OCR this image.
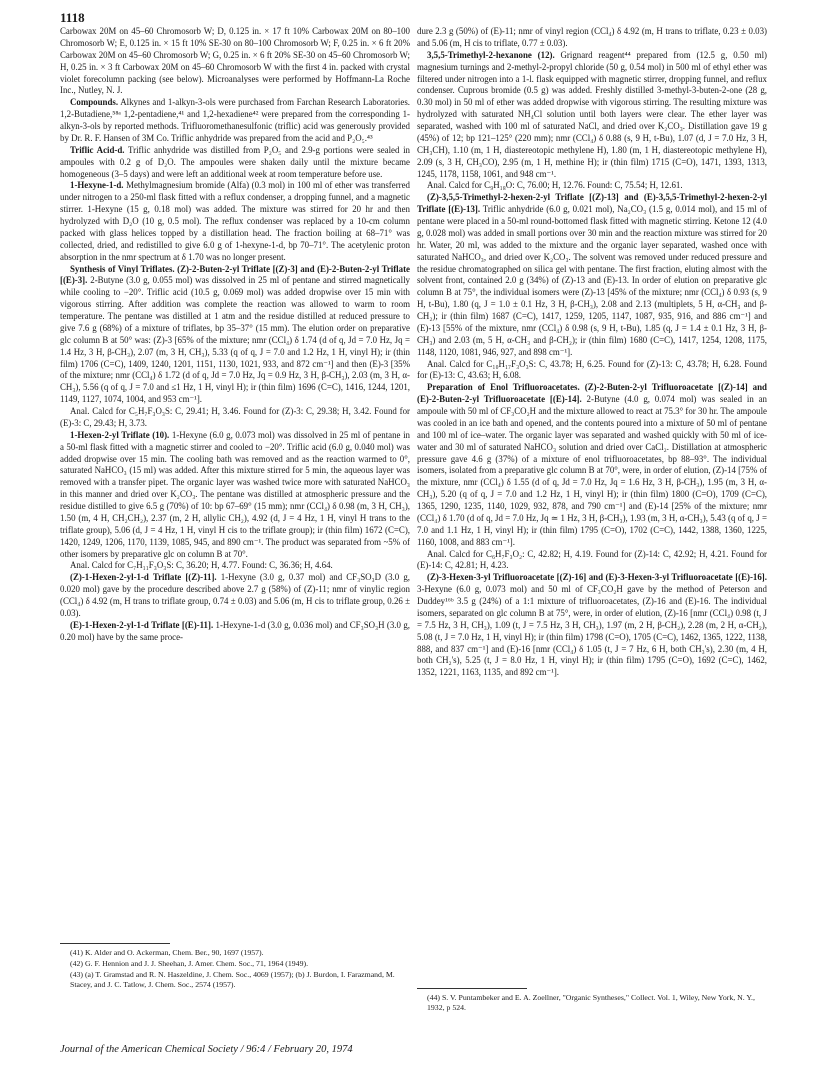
1118

Carbowax 20M on 45–60 Chromosorb W; D, 0.125 in. × 17 ft 10% Carbowax 20M on 80–100 Chromosorb W; E, 0.125 in. × 15 ft 10% SE-30 on 80–100 Chromosorb W; F, 0.25 in. × 6 ft 20% Carbowax 20M on 45–60 Chromosorb W; G, 0.25 in. × 6 ft 20% SE-30 on 45–60 Chromosorb W; H, 0.25 in. × 3 ft Carbowax 20M on 45–60 Chromosorb W with the first 4 in. packed with crystal violet forecolumn packing (see below). Microanalyses were performed by Hoffmann-La Roche Inc., Nutley, N. J.

Compounds. Alkynes and 1-alkyn-3-ols were purchased from Farchan Research Laboratories. 1,2-Butadiene,⁵⁸ᵃ 1,2-pentadiene,⁴¹ and 1,2-hexadiene⁴² were prepared from the corresponding 1-alkyn-3-ols by reported methods. Trifluoromethanesulfonic (triflic) acid was generously provided by Dr. R. F. Hansen of 3M Co. Triflic anhydride was prepared from the acid and P₂O₅.⁴³

Triflic Acid-d. Triflic anhydride was distilled from P₂O₅ and 2.9-g portions were sealed in ampoules with 0.2 g of D₂O. The ampoules were shaken daily until the mixture became homogeneous (3–5 days) and were left an additional week at room temperature before use.

1-Hexyne-1-d. Methylmagnesium bromide (Alfa) (0.3 mol) in 100 ml of ether was transferred under nitrogen to a 250-ml flask fitted with a reflux condenser, a dropping funnel, and a magnetic stirrer. 1-Hexyne (15 g, 0.18 mol) was added. The mixture was stirred for 20 hr and then hydrolyzed with D₂O (10 g, 0.5 mol). The reflux condenser was replaced by a 10-cm column packed with glass helices topped by a distillation head. The fraction boiling at 68–71° was collected, dried, and redistilled to give 6.0 g of 1-hexyne-1-d, bp 70–71°. The acetylenic proton absorption in the nmr spectrum at δ 1.70 was no longer present.

Synthesis of Vinyl Triflates. (Z)-2-Buten-2-yl Triflate [(Z)-3] and (E)-2-Buten-2-yl Triflate [(E)-3]. 2-Butyne (3.0 g, 0.055 mol) was dissolved in 25 ml of pentane and stirred magnetically while cooling to −20°. Triflic acid (10.5 g, 0.069 mol) was added dropwise over 15 min with vigorous stirring. After addition was complete the reaction was allowed to warm to room temperature. The pentane was distilled at 1 atm and the residue distilled at reduced pressure to give 7.6 g (68%) of a mixture of triflates, bp 35–37° (15 mm). The elution order on preparative glc column B at 50° was: (Z)-3 [65% of the mixture; nmr (CCl₄) δ 1.74 (d of q, Jd = 7.0 Hz, Jq = 1.4 Hz, 3 H, β-CH₃), 2.07 (m, 3 H, CH₃), 5.33 (q of q, J = 7.0 and 1.2 Hz, 1 H, vinyl H); ir (thin film) 1706 (C=C), 1409, 1240, 1201, 1151, 1130, 1021, 933, and 872 cm⁻¹] and then (E)-3 [35% of the mixture; nmr (CCl₄) δ 1.72 (d of q, Jd = 7.0 Hz, Jq = 0.9 Hz, 3 H, β-CH₃), 2.03 (m, 3 H, α-CH₃), 5.56 (q of q, J = 7.0 and ≤1 Hz, 1 H, vinyl H); ir (thin film) 1696 (C=C), 1416, 1244, 1201, 1149, 1127, 1074, 1004, and 953 cm⁻¹].

Anal. Calcd for C₅H₇F₃O₃S: C, 29.41; H, 3.46. Found for (Z)-3: C, 29.38; H, 3.42. Found for (E)-3: C, 29.43; H, 3.73.

1-Hexen-2-yl Triflate (10). 1-Hexyne (6.0 g, 0.073 mol) was dissolved in 25 ml of pentane in a 50-ml flask fitted with a magnetic stirrer and cooled to −20°. Triflic acid (6.0 g, 0.040 mol) was added dropwise over 15 min. The cooling bath was removed and as the reaction warmed to 0°, saturated NaHCO₃ (15 ml) was added. After this mixture stirred for 5 min, the aqueous layer was removed with a transfer pipet. The organic layer was washed twice more with saturated NaHCO₃ in this manner and dried over K₂CO₃. The pentane was distilled at atmospheric pressure and the residue distilled to give 6.5 g (70%) of 10: bp 67–69° (15 mm); nmr (CCl₄) δ 0.98 (m, 3 H, CH₃), 1.50 (m, 4 H, CH₂CH₂), 2.37 (m, 2 H, allylic CH₂), 4.92 (d, J = 4 Hz, 1 H, vinyl H trans to the triflate group), 5.06 (d, J = 4 Hz, 1 H, vinyl H cis to the triflate group); ir (thin film) 1672 (C=C), 1420, 1249, 1206, 1170, 1139, 1085, 945, and 890 cm⁻¹. The product was separated from ~5% of other isomers by preparative glc on column B at 70°.

Anal. Calcd for C₇H₁₁F₃O₃S: C, 36.20; H, 4.77. Found: C, 36.36; H, 4.64.

(Z)-1-Hexen-2-yl-1-d Triflate [(Z)-11]. 1-Hexyne (3.0 g, 0.37 mol) and CF₃SO₃D (3.0 g, 0.020 mol) gave by the procedure described above 2.7 g (58%) of (Z)-11; nmr of vinylic region (CCl₄) δ 4.92 (m, H trans to triflate group, 0.74 ± 0.03) and 5.06 (m, H cis to triflate group, 0.26 ± 0.03).

(E)-1-Hexen-2-yl-1-d Triflate [(E)-11]. 1-Hexyne-1-d (3.0 g, 0.036 mol) and CF₃SO₃H (3.0 g, 0.20 mol) have by the same proce-

dure 2.3 g (50%) of (E)-11; nmr of vinyl region (CCl₄) δ 4.92 (m, H trans to triflate, 0.23 ± 0.03) and 5.06 (m, H cis to triflate, 0.77 ± 0.03).

3,5,5-Trimethyl-2-hexanone (12). Grignard reagent⁴⁴ prepared from (12.5 g, 0.50 ml) magnesium turnings and 2-methyl-2-propyl chloride (50 g, 0.54 mol) in 500 ml of ethyl ether was filtered under nitrogen into a 1-l. flask equipped with magnetic stirrer, dropping funnel, and reflux condenser. Cuprous bromide (0.5 g) was added. Freshly distilled 3-methyl-3-buten-2-one (28 g, 0.30 mol) in 50 ml of ether was added dropwise with vigorous stirring. The resulting mixture was hydrolyzed with saturated NH₄Cl solution until both layers were clear. The ether layer was separated, washed with 100 ml of saturated NaCl, and dried over K₂CO₃. Distillation gave 19 g (45%) of 12; bp 121–125° (220 mm); nmr (CCl₄) δ 0.88 (s, 9 H, t-Bu), 1.07 (d, J = 7.0 Hz, 3 H, CH₃CH), 1.10 (m, 1 H, diastereotopic methylene H), 1.80 (m, 1 H, diastereotopic methylene H), 2.09 (s, 3 H, CH₃CO), 2.95 (m, 1 H, methine H); ir (thin film) 1715 (C=O), 1471, 1393, 1313, 1245, 1178, 1158, 1061, and 948 cm⁻¹.

Anal. Calcd for C₉H₁₈O: C, 76.00; H, 12.76. Found: C, 75.54; H, 12.61.

(Z)-3,5,5-Trimethyl-2-hexen-2-yl Triflate [(Z)-13] and (E)-3,5,5-Trimethyl-2-hexen-2-yl Triflate [(E)-13]. Triflic anhydride (6.0 g, 0.021 mol), Na₂CO₃ (1.5 g, 0.014 mol), and 15 ml of pentane were placed in a 50-ml round-bottomed flask fitted with magnetic stirring. Ketone 12 (4.0 g, 0.028 mol) was added in small portions over 30 min and the reaction mixture was stirred for 20 hr. Water, 20 ml, was added to the mixture and the organic layer separated, washed once with saturated NaHCO₃, and dried over K₂CO₃. The solvent was removed under reduced pressure and the residue chromatographed on silica gel with pentane. The first fraction, eluting almost with the solvent front, contained 2.0 g (34%) of (Z)-13 and (E)-13. In order of elution on preparative glc column B at 75°, the individual isomers were (Z)-13 [45% of the mixture; nmr (CCl₄) δ 0.93 (s, 9 H, t-Bu), 1.80 (q, J = 1.0 ± 0.1 Hz, 3 H, β-CH₃), 2.08 and 2.13 (multiplets, 5 H, α-CH₃ and β-CH₂); ir (thin film) 1687 (C=C), 1417, 1259, 1205, 1147, 1087, 935, 916, and 886 cm⁻¹] and (E)-13 [55% of the mixture, nmr (CCl₄) δ 0.98 (s, 9 H, t-Bu), 1.85 (q, J = 1.4 ± 0.1 Hz, 3 H, β-CH₃) and 2.03 (m, 5 H, α-CH₃ and β-CH₂); ir (thin film) 1680 (C=C), 1417, 1254, 1208, 1175, 1148, 1120, 1081, 946, 927, and 898 cm⁻¹].

Anal. Calcd for C₁₀H₁₇F₃O₃S: C, 43.78; H, 6.25. Found for (Z)-13: C, 43.78; H, 6.28. Found for (E)-13: C, 43.63; H, 6.08.

Preparation of Enol Trifluoroacetates. (Z)-2-Buten-2-yl Trifluoroacetate [(Z)-14] and (E)-2-Buten-2-yl Trifluoroacetate [(E)-14]. 2-Butyne (4.0 g, 0.074 mol) was sealed in an ampoule with 50 ml of CF₃CO₂H and the mixture allowed to react at 75.3° for 30 hr. The ampoule was cooled in an ice bath and opened, and the contents poured into a mixture of 50 ml of pentane and 100 ml of ice–water. The organic layer was separated and washed quickly with 50 ml of ice-water and 30 ml of saturated NaHCO₃ solution and dried over CaCl₂. Distillation at atmospheric pressure gave 4.6 g (37%) of a mixture of enol trifluoroacetates, bp 88–93°. The individual isomers, isolated from a preparative glc column B at 70°, were, in order of elution, (Z)-14 [75% of the mixture, nmr (CCl₄) δ 1.55 (d of q, Jd = 7.0 Hz, Jq = 1.6 Hz, 3 H, β-CH₃), 1.95 (m, 3 H, α-CH₃), 5.20 (q of q, J = 7.0 and 1.2 Hz, 1 H, vinyl H); ir (thin film) 1800 (C=O), 1709 (C=C), 1365, 1290, 1235, 1140, 1029, 932, 878, and 790 cm⁻¹] and (E)-14 [25% of the mixture; nmr (CCl₄) δ 1.70 (d of q, Jd = 7.0 Hz, Jq ≃ 1 Hz, 3 H, β-CH₃), 1.93 (m, 3 H, α-CH₃), 5.43 (q of q, J = 7.0 and 1.1 Hz, 1 H, vinyl H); ir (thin film) 1795 (C=O), 1702 (C=C), 1442, 1388, 1360, 1225, 1160, 1008, and 883 cm⁻¹].

Anal. Calcd for C₆H₇F₃O₂: C, 42.82; H, 4.19. Found for (Z)-14: C, 42.92; H, 4.21. Found for (E)-14: C, 42.81; H, 4.23.

(Z)-3-Hexen-3-yl Trifluoroacetate [(Z)-16] and (E)-3-Hexen-3-yl Trifluoroacetate [(E)-16]. 3-Hexyne (6.0 g, 0.073 mol) and 50 ml of CF₃CO₂H gave by the method of Peterson and Duddey¹⁶ᵇ 3.5 g (24%) of a 1:1 mixture of trifluoroacetates, (Z)-16 and (E)-16. The individual isomers, separated on glc column B at 75°, were, in order of elution, (Z)-16 [nmr (CCl₄) 0.98 (t, J = 7.5 Hz, 3 H, CH₃), 1.09 (t, J = 7.5 Hz, 3 H, CH₃), 1.97 (m, 2 H, β-CH₂), 2.28 (m, 2 H, α-CH₂), 5.08 (t, J = 7.0 Hz, 1 H, vinyl H); ir (thin film) 1798 (C=O), 1705 (C=C), 1462, 1365, 1222, 1138, 888, and 837 cm⁻¹] and (E)-16 [nmr (CCl₄) δ 1.05 (t, J = 7 Hz, 6 H, both CH₃'s), 2.30 (m, 4 H, both CH₂'s), 5.25 (t, J = 8.0 Hz, 1 H, vinyl H); ir (thin film) 1795 (C=O), 1692 (C=C), 1462, 1352, 1221, 1163, 1135, and 892 cm⁻¹].

(41) K. Alder and O. Ackerman, Chem. Ber., 90, 1697 (1957).

(42) G. F. Hennion and J. J. Sheehan, J. Amer. Chem. Soc., 71, 1964 (1949).

(43) (a) T. Gramstad and R. N. Haszeldine, J. Chem. Soc., 4069 (1957); (b) J. Burdon, I. Farazmand, M. Stacey, and J. C. Tatlow, J. Chem. Soc., 2574 (1957).

(44) S. V. Puntambeker and E. A. Zoellner, "Organic Syntheses," Collect. Vol. 1, Wiley, New York, N. Y., 1932, p 524.

Journal of the American Chemical Society / 96:4 / February 20, 1974
